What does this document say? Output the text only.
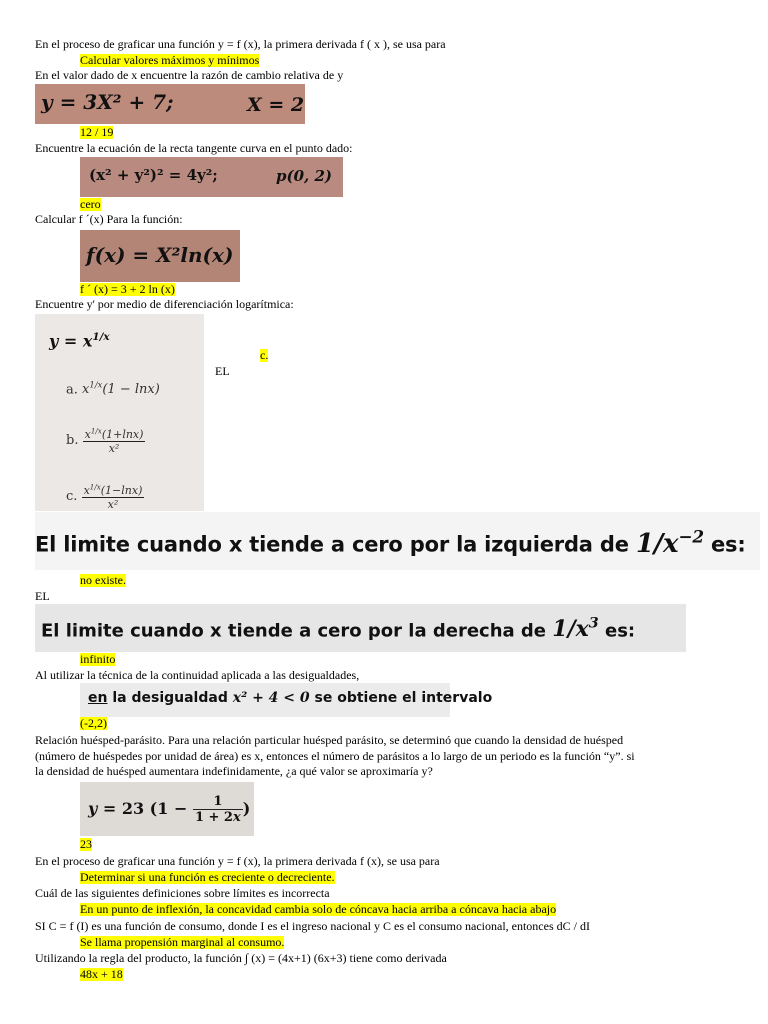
En el proceso de graficar una función y = f (x), la primera derivada f ( x ), se usa para
Calcular valores máximos y mínimos
En el valor dado de x encuentre la razón de cambio relativa de y
y = 3X² + 7;	X = 2
12 / 19
Encuentre la ecuación de la recta tangente curva en el punto dado:
(x² + y²)² = 4y²;	p(0, 2)
cero
Calcular f ´(x) Para la función:
f(x) = X²ln(x)
f ´ (x) = 3 + 2 ln (x)
Encuentre y' por medio de diferenciación logarítmica:
$y = x^{1/x}$
a. $x^{1/x}(1 - \ln x)$
b. $\frac{x^{1/x}(1+\ln x)}{\text{x²}}$
c. $\frac{x^{1/x}(1-\ln x)}{\text{x²}}$
EL
c.
El limite cuando x tiende a cero por la izquierda de $1/x^{-2}$ es:
no existe.
EL
El limite cuando x tiende a cero por la derecha de $1/x^3$ es:
infinito
Al utilizar la técnica de la continuidad aplicada a las desigualdades,
en la desigualdad x² + 4 < 0 se obtiene el intervalo
(-2,2)
Relación huésped-parásito. Para una relación particular huésped parásito, se determinó que cuando la densidad de huésped
(número de huéspedes por unidad de área) es x, entonces el número de parásitos a lo largo de un periodo es la función “y”. si
la densidad de huésped aumentara indefinidamente, ¿a qué valor se aproximaría y?
y = 23 ($1 - \frac{1}{1 + 2x}$ )
23
En el proceso de graficar una función y = f (x), la primera derivada f (x), se usa para
Determinar si una función es creciente o decreciente.
Cuál de las siguientes definiciones sobre límites es incorrecta
En un punto de inflexión, la concavidad cambia solo de cóncava hacia arriba a cóncava hacia abajo
SI C = f (I) es una función de consumo, donde I es el ingreso nacional y C es el consumo nacional, entonces dC / dI
Se llama propensión marginal al consumo.
Utilizando la regla del producto, la función ∫ (x) = (4x+1) (6x+3) tiene como derivada
48x + 18
